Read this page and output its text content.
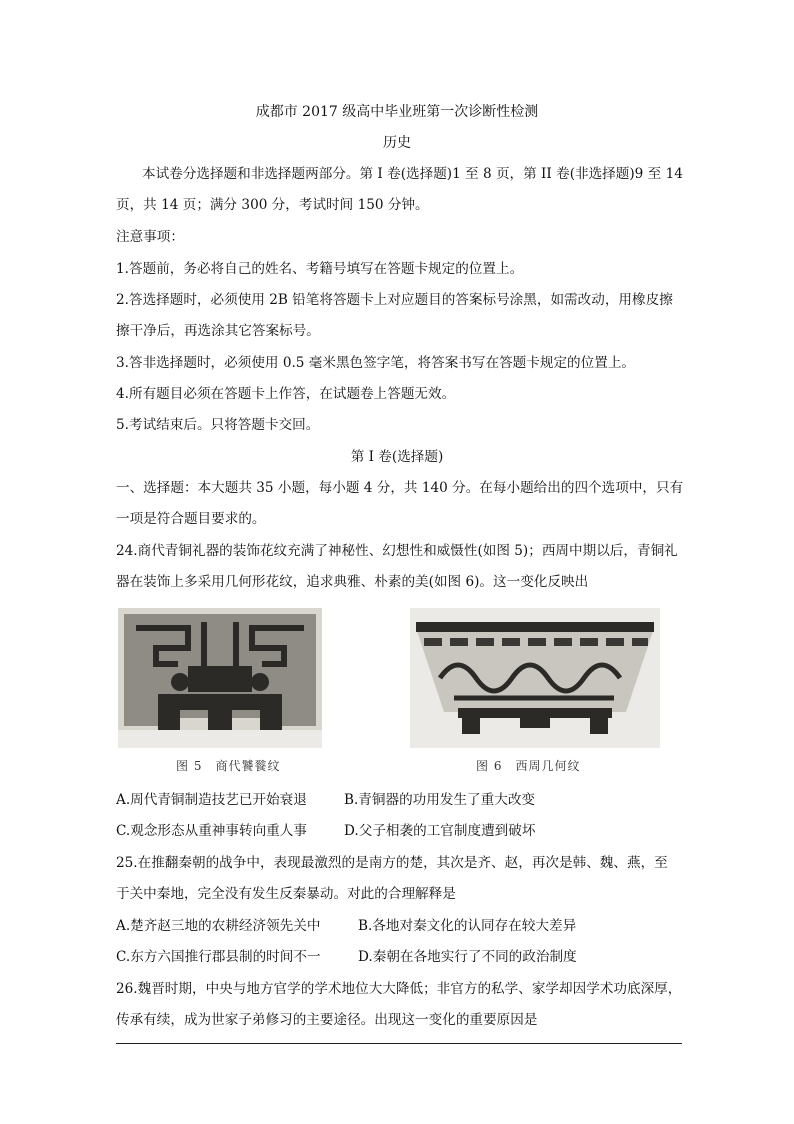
成都市 2017 级高中毕业班第一次诊断性检测
历史
本试卷分选择题和非选择题两部分。第 I 卷(选择题)1 至 8 页，第 II 卷(非选择题)9 至 14
页，共 14 页；满分 300 分，考试时间 150 分钟。
注意事项：
1.答题前，务必将自己的姓名、考籍号填写在答题卡规定的位置上。
2.答选择题时，必须使用 2B 铅笔将答题卡上对应题目的答案标号涂黑，如需改动，用橡皮擦
擦干净后，再选涂其它答案标号。
3.答非选择题时，必须使用 0.5 毫米黑色签字笔，将答案书写在答题卡规定的位置上。
4.所有题目必须在答题卡上作答，在试题卷上答题无效。
5.考试结束后。只将答题卡交回。
第 I 卷(选择题)
一、选择题：本大题共 35 小题，每小题 4 分，共 140 分。在每小题给出的四个选项中，只有
一项是符合题目要求的。
24.商代青铜礼器的装饰花纹充满了神秘性、幻想性和威慑性(如图 5)；西周中期以后，青铜礼
器在装饰上多采用几何形花纹，追求典雅、朴素的美(如图 6)。这一变化反映出
图 5　商代饕餮纹	图 6　西周几何纹
A.周代青铜制造技艺已开始衰退	B.青铜器的功用发生了重大改变
C.观念形态从重神事转向重人事	D.父子相袭的工官制度遭到破坏
25.在推翻秦朝的战争中，表现最激烈的是南方的楚，其次是齐、赵，再次是韩、魏、燕，至
于关中秦地，完全没有发生反秦暴动。对此的合理解释是
A.楚齐赵三地的农耕经济领先关中	B.各地对秦文化的认同存在较大差异
C.东方六国推行郡县制的时间不一	D.秦朝在各地实行了不同的政治制度
26.魏晋时期，中央与地方官学的学术地位大大降低；非官方的私学、家学却因学术功底深厚，
传承有续，成为世家子弟修习的主要途径。出现这一变化的重要原因是
